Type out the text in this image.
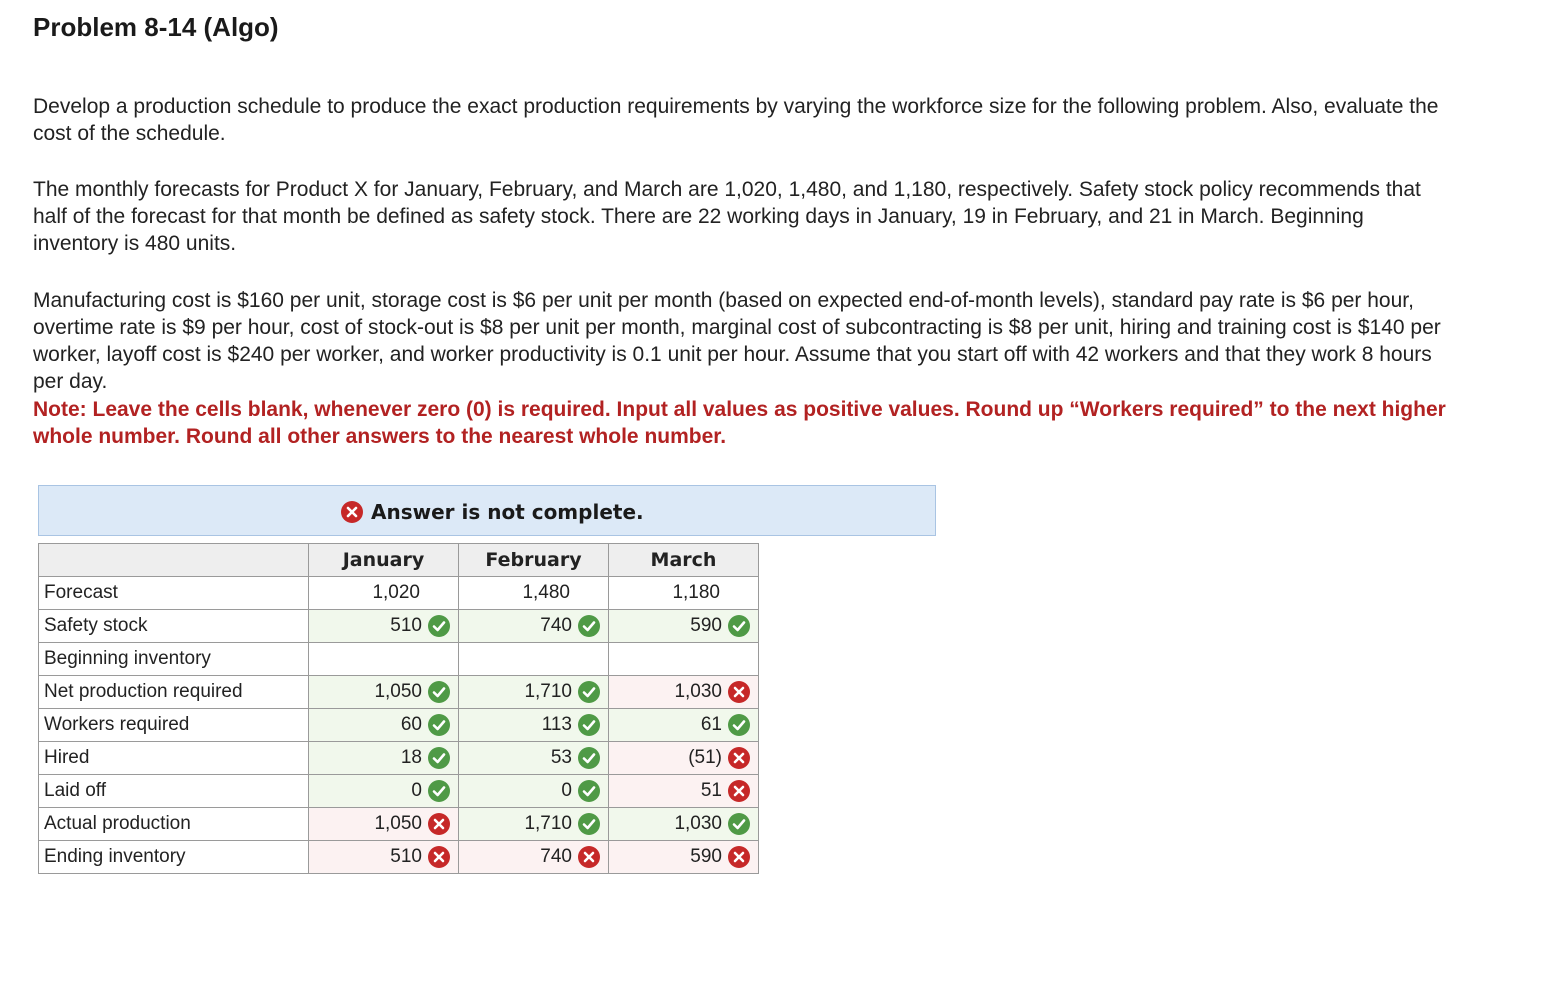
Problem 8-14 (Algo)

Develop a production schedule to produce the exact production requirements by varying the workforce size for the following problem. Also, evaluate the cost of the schedule.

The monthly forecasts for Product X for January, February, and March are 1,020, 1,480, and 1,180, respectively. Safety stock policy recommends that half of the forecast for that month be defined as safety stock. There are 22 working days in January, 19 in February, and 21 in March. Beginning inventory is 480 units.

Manufacturing cost is $160 per unit, storage cost is $6 per unit per month (based on expected end-of-month levels), standard pay rate is $6 per hour, overtime rate is $9 per hour, cost of stock-out is $8 per unit per month, marginal cost of subcontracting is $8 per unit, hiring and training cost is $140 per worker, layoff cost is $240 per worker, and worker productivity is 0.1 unit per hour. Assume that you start off with 42 workers and that they work 8 hours per day.

Note: Leave the cells blank, whenever zero (0) is required. Input all values as positive values. Round up “Workers required” to the next higher whole number. Round all other answers to the nearest whole number.

Answer is not complete.
	January	February	March
Forecast	1,020	1,480	1,180

Safety stock	510	740	590

Beginning inventory	

Net production required	1,050	1,710	1,030

Workers required	60	113	61

Hired	18	53	(51)

Laid off	0	0	51

Actual production	1,050	1,710	1,030

Ending inventory	510	740	590
